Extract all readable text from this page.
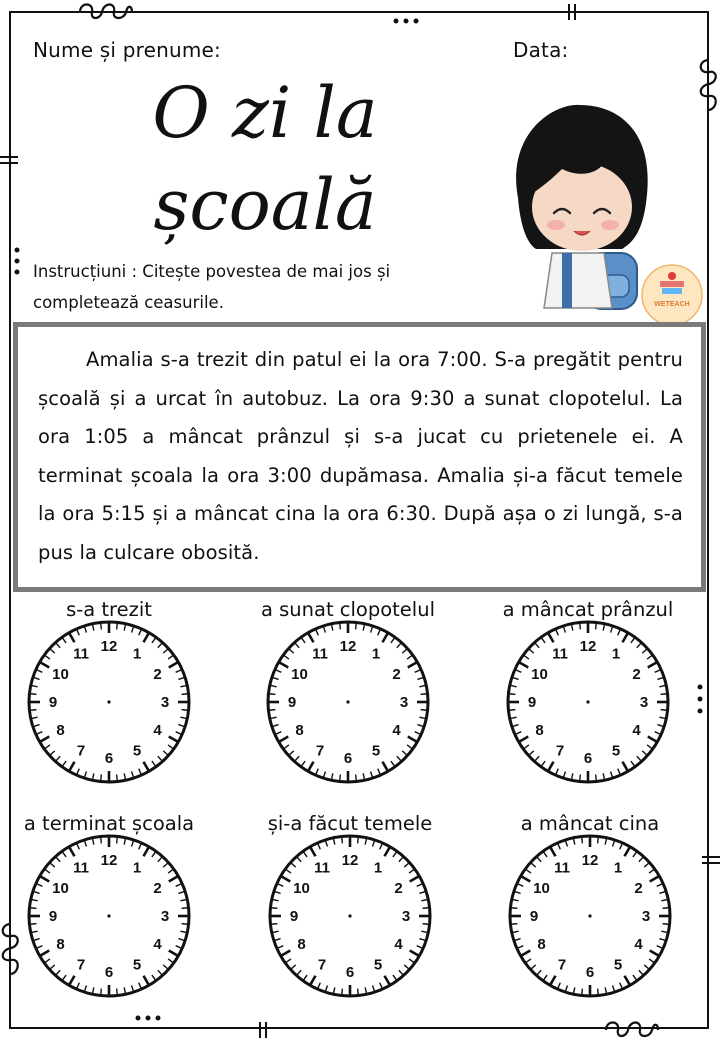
Nume și prenume:	Data:
O zi la
școală
WETEACH
Instrucțiuni : Citește povestea de mai jos și
completează ceasurile.
Amalia s-a trezit din patul ei la ora 7:00. S-a pregătit pentru școală și a urcat în autobuz. La ora 9:30 a sunat clopotelul. La ora 1:05 a mâncat prânzul și s-a jucat cu prietenele ei. A terminat școala la ora 3:00 dupămasa. Amalia și-a făcut temele la ora 5:15 și a mâncat cina la ora 6:30. După așa o zi lungă, s-a pus la culcare obosită.
s-a trezit
12 1
2
3
4
5
6
7
8
9
10
11
a sunat clopotelul
12 1
2
3
4
5
6
7
8
9
10
11
a mâncat prânzul
12 1
2
3
4
5
6
7
8
9
10
11
a terminat școala
12 1
2
3
4
5
6
7
8
9
10
11
și-a făcut temele
12 1
2
3
4
5
6
7
8
9
10
11
a mâncat cina
12 1
2
3
4
5
6
7
8
9
10
11
